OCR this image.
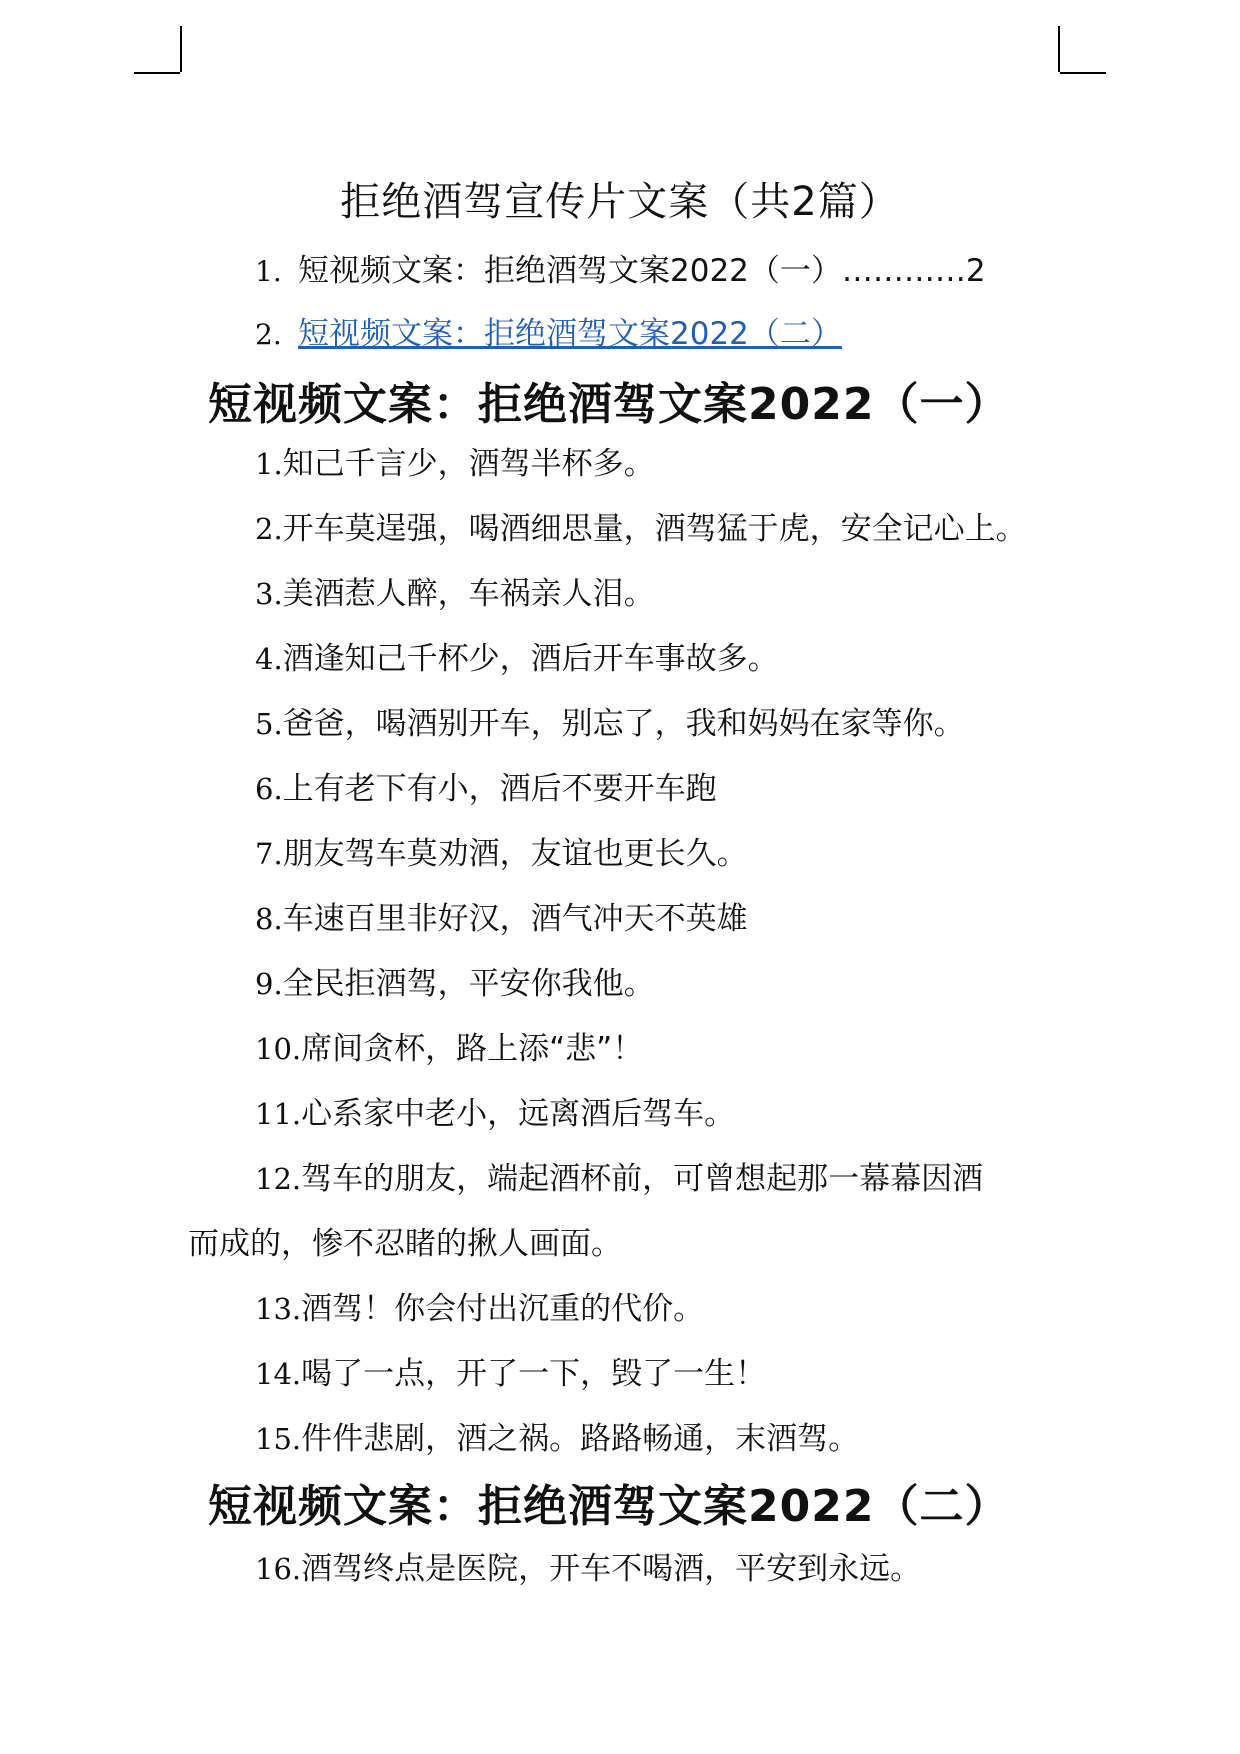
拒绝酒驾宣传片文案（共2篇）
1. 短视频文案：拒绝酒驾文案2022（一）…………2
2. 短视频文案：拒绝酒驾文案2022（二）
短视频文案：拒绝酒驾文案2022（一）
1.知己千言少，酒驾半杯多。
2.开车莫逞强，喝酒细思量，酒驾猛于虎，安全记心上。
3.美酒惹人醉，车祸亲人泪。
4.酒逢知己千杯少，酒后开车事故多。
5.爸爸，喝酒别开车，别忘了，我和妈妈在家等你。
6.上有老下有小，酒后不要开车跑
7.朋友驾车莫劝酒，友谊也更长久。
8.车速百里非好汉，酒气冲天不英雄
9.全民拒酒驾，平安你我他。
10.席间贪杯，路上添“悲”！
11.心系家中老小，远离酒后驾车。
12.驾车的朋友，端起酒杯前，可曾想起那一幕幕因酒
而成的，惨不忍睹的揪人画面。
13.酒驾！你会付出沉重的代价。
14.喝了一点，开了一下，毁了一生！
15.件件悲剧，酒之祸。路路畅通，末酒驾。
短视频文案：拒绝酒驾文案2022（二）
16.酒驾终点是医院，开车不喝酒，平安到永远。
